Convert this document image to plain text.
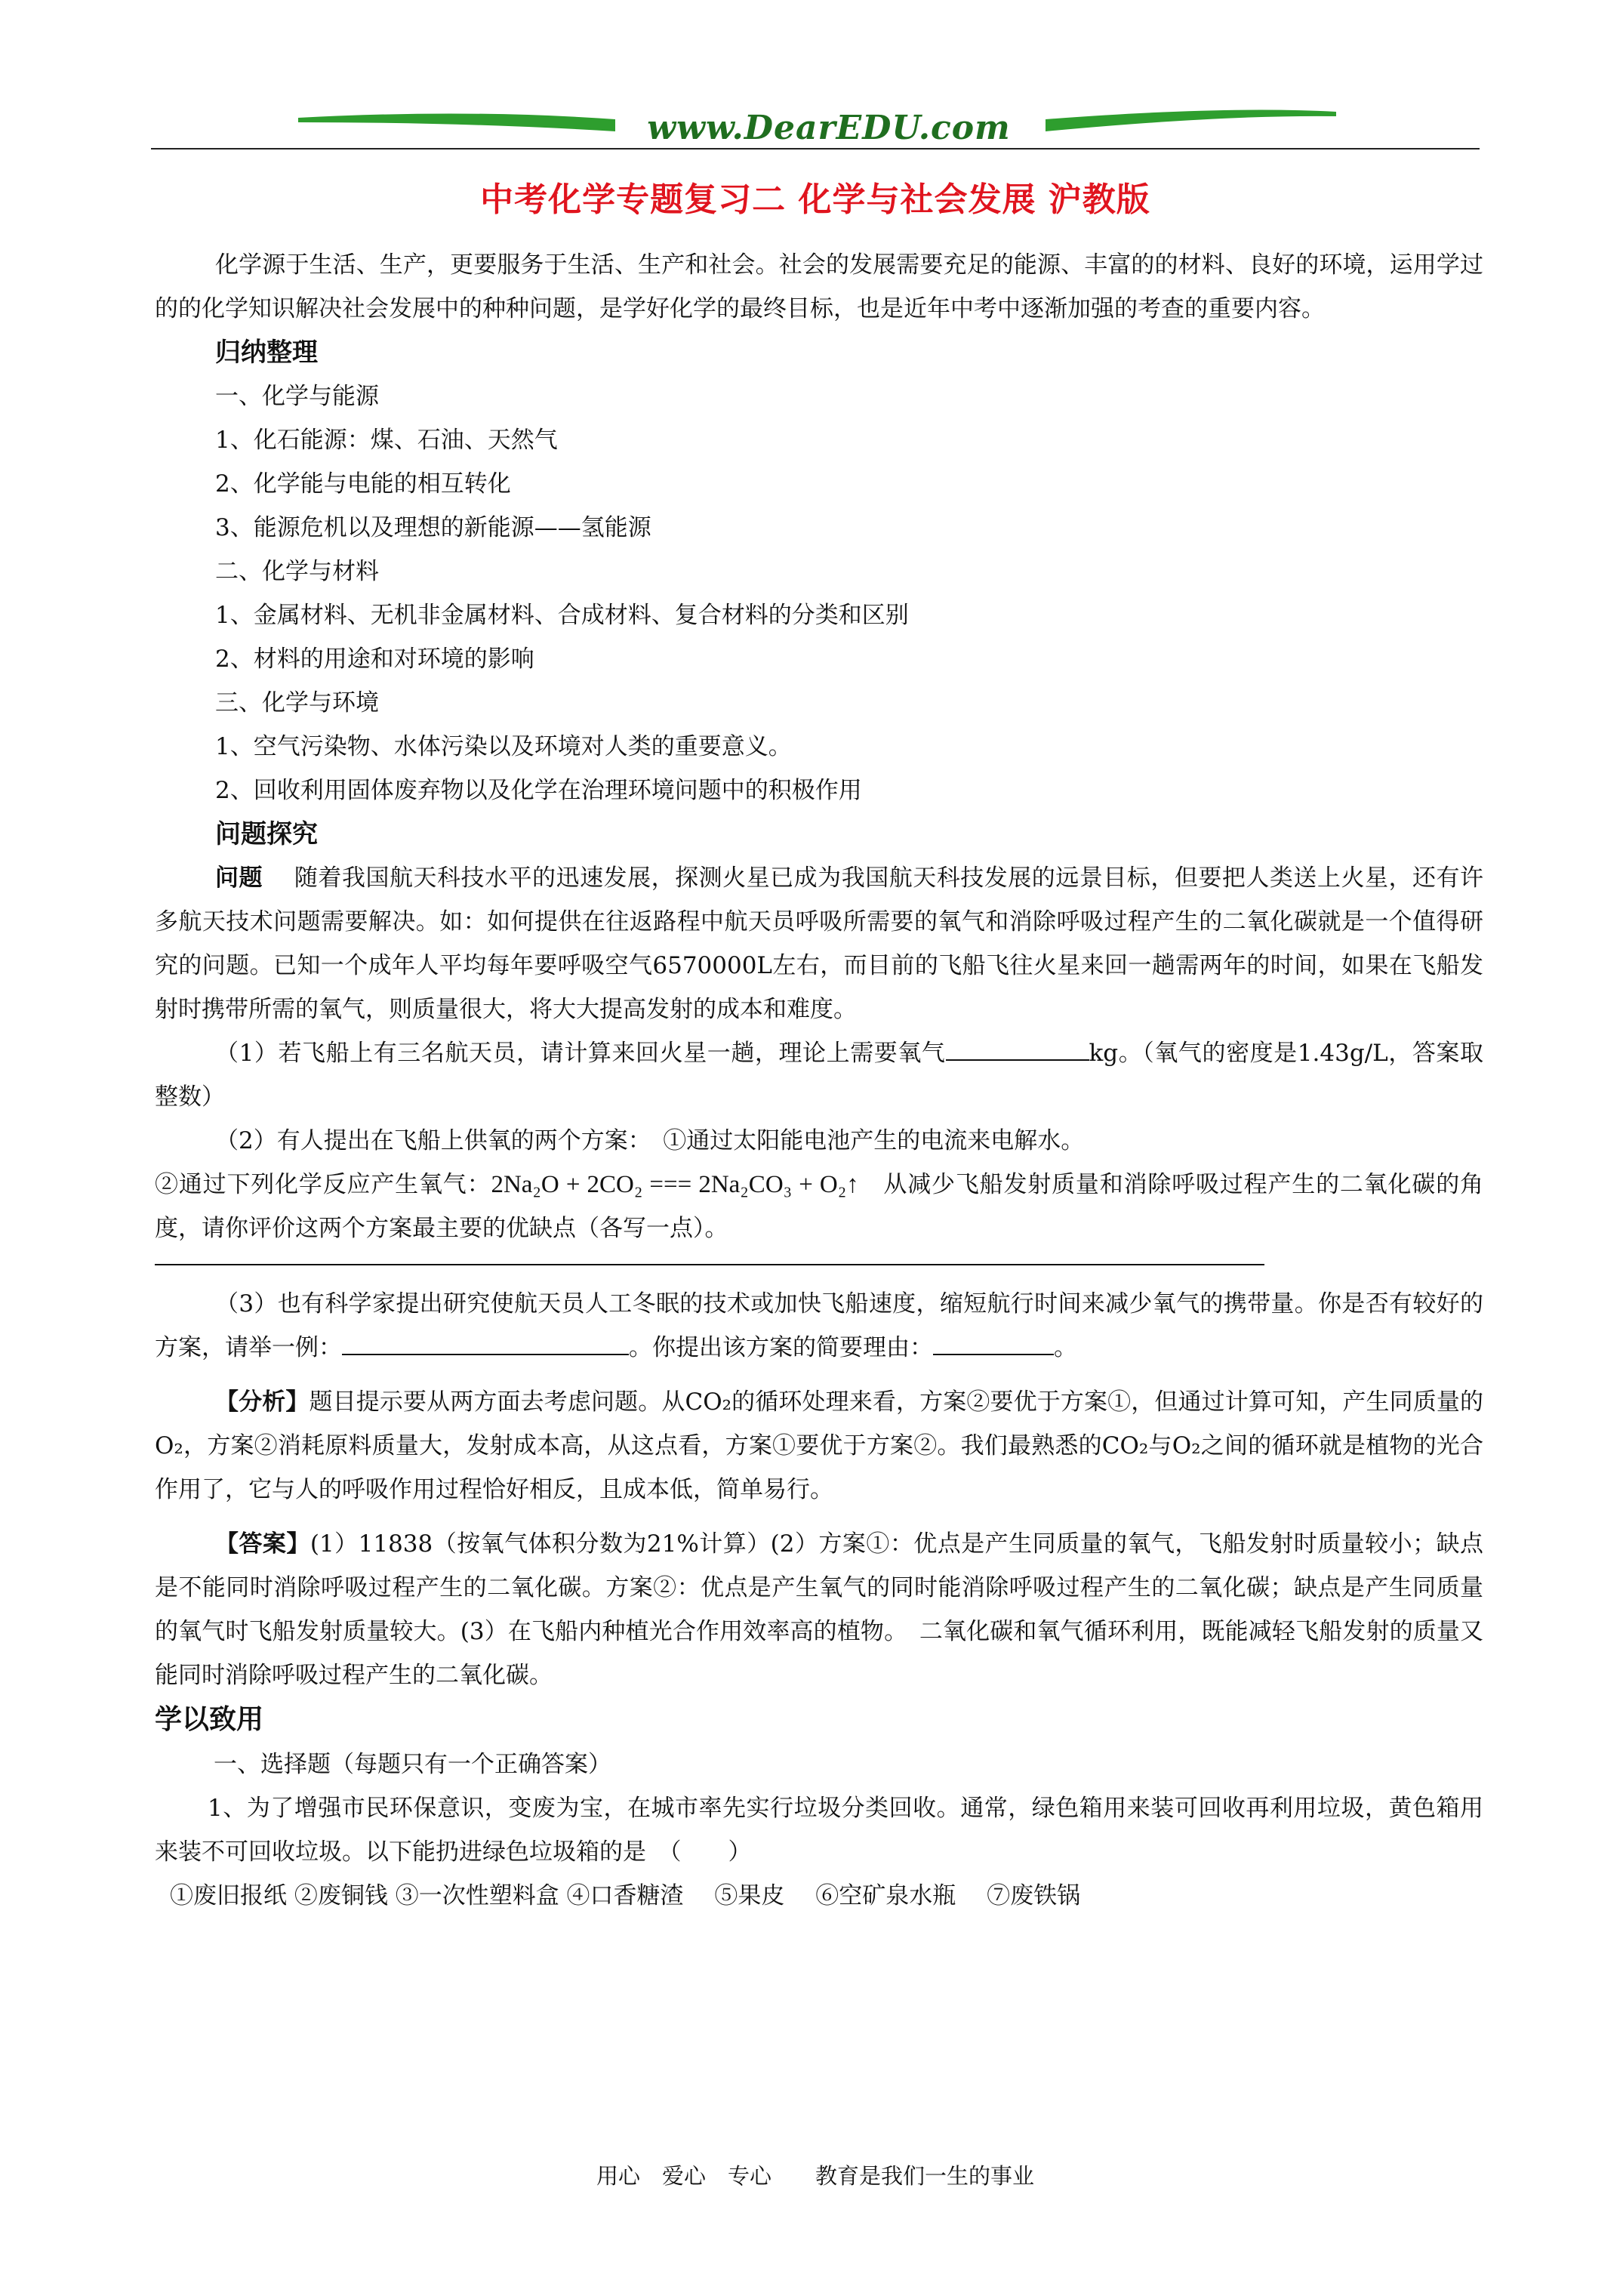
www.DearEDU.com
中考化学专题复习二 化学与社会发展 沪教版

化学源于生活、生产，更要服务于生活、生产和社会。社会的发展需要充足的能源、丰富的的材料、良好的环境，运用学过的的化学知识解决社会发展中的种种问题，是学好化学的最终目标，也是近年中考中逐渐加强的考查的重要内容。

归纳整理

一、化学与能源

1、化石能源：煤、石油、天然气

2、化学能与电能的相互转化

3、能源危机以及理想的新能源——氢能源

二、化学与材料

1、金属材料、无机非金属材料、合成材料、复合材料的分类和区别

2、材料的用途和对环境的影响

三、化学与环境

1、空气污染物、水体污染以及环境对人类的重要意义。

2、回收利用固体废弃物以及化学在治理环境问题中的积极作用

问题探究

问题　 随着我国航天科技水平的迅速发展，探测火星已成为我国航天科技发展的远景目标，但要把人类送上火星，还有许多航天技术问题需要解决。如：如何提供在往返路程中航天员呼吸所需要的氧气和消除呼吸过程产生的二氧化碳就是一个值得研究的问题。已知一个成年人平均每年要呼吸空气6570000L左右，而目前的飞船飞往火星来回一趟需两年的时间，如果在飞船发射时携带所需的氧气，则质量很大，将大大提高发射的成本和难度。

（1）若飞船上有三名航天员，请计算来回火星一趟，理论上需要氧气	kg。（氧气的密度是1.43g/L，答案取整数）

（2）有人提出在飞船上供氧的两个方案：　①通过太阳能电池产生的电流来电解水。

②通过下列化学反应产生氧气：2Na₂O + 2CO₂ === 2Na₂CO₃ + O₂↑　 从减少飞船发射质量和消除呼吸过程产生的二氧化碳的角度，请你评价这两个方案最主要的优缺点（各写一点）。

（3）也有科学家提出研究使航天员人工冬眠的技术或加快飞船速度，缩短航行时间来减少氧气的携带量。你是否有较好的方案，请举一例：	。你提出该方案的简要理由：	。

【分析】题目提示要从两方面去考虑问题。从CO₂的循环处理来看，方案②要优于方案①，但通过计算可知，产生同质量的O₂，方案②消耗原料质量大，发射成本高，从这点看，方案①要优于方案②。我们最熟悉的CO₂与O₂之间的循环就是植物的光合作用了，它与人的呼吸作用过程恰好相反，且成本低，简单易行。

【答案】(1）11838（按氧气体积分数为21%计算）(2）方案①：优点是产生同质量的氧气，飞船发射时质量较小；缺点是不能同时消除呼吸过程产生的二氧化碳。方案②：优点是产生氧气的同时能消除呼吸过程产生的二氧化碳；缺点是产生同质量的氧气时飞船发射质量较大。(3）在飞船内种植光合作用效率高的植物。　二氧化碳和氧气循环利用，既能减轻飞船发射的质量又能同时消除呼吸过程产生的二氧化碳。

学以致用

一、选择题（每题只有一个正确答案）

1、为了增强市民环保意识，变废为宝，在城市率先实行垃圾分类回收。通常，绿色箱用来装可回收再利用垃圾，黄色箱用来装不可回收垃圾。以下能扔进绿色垃圾箱的是　（　　）

①废旧报纸 ②废铜钱 ③一次性塑料盒 ④口香糖渣　 ⑤果皮　 ⑥空矿泉水瓶　 ⑦废铁锅

用心　爱心　专心　　教育是我们一生的事业
